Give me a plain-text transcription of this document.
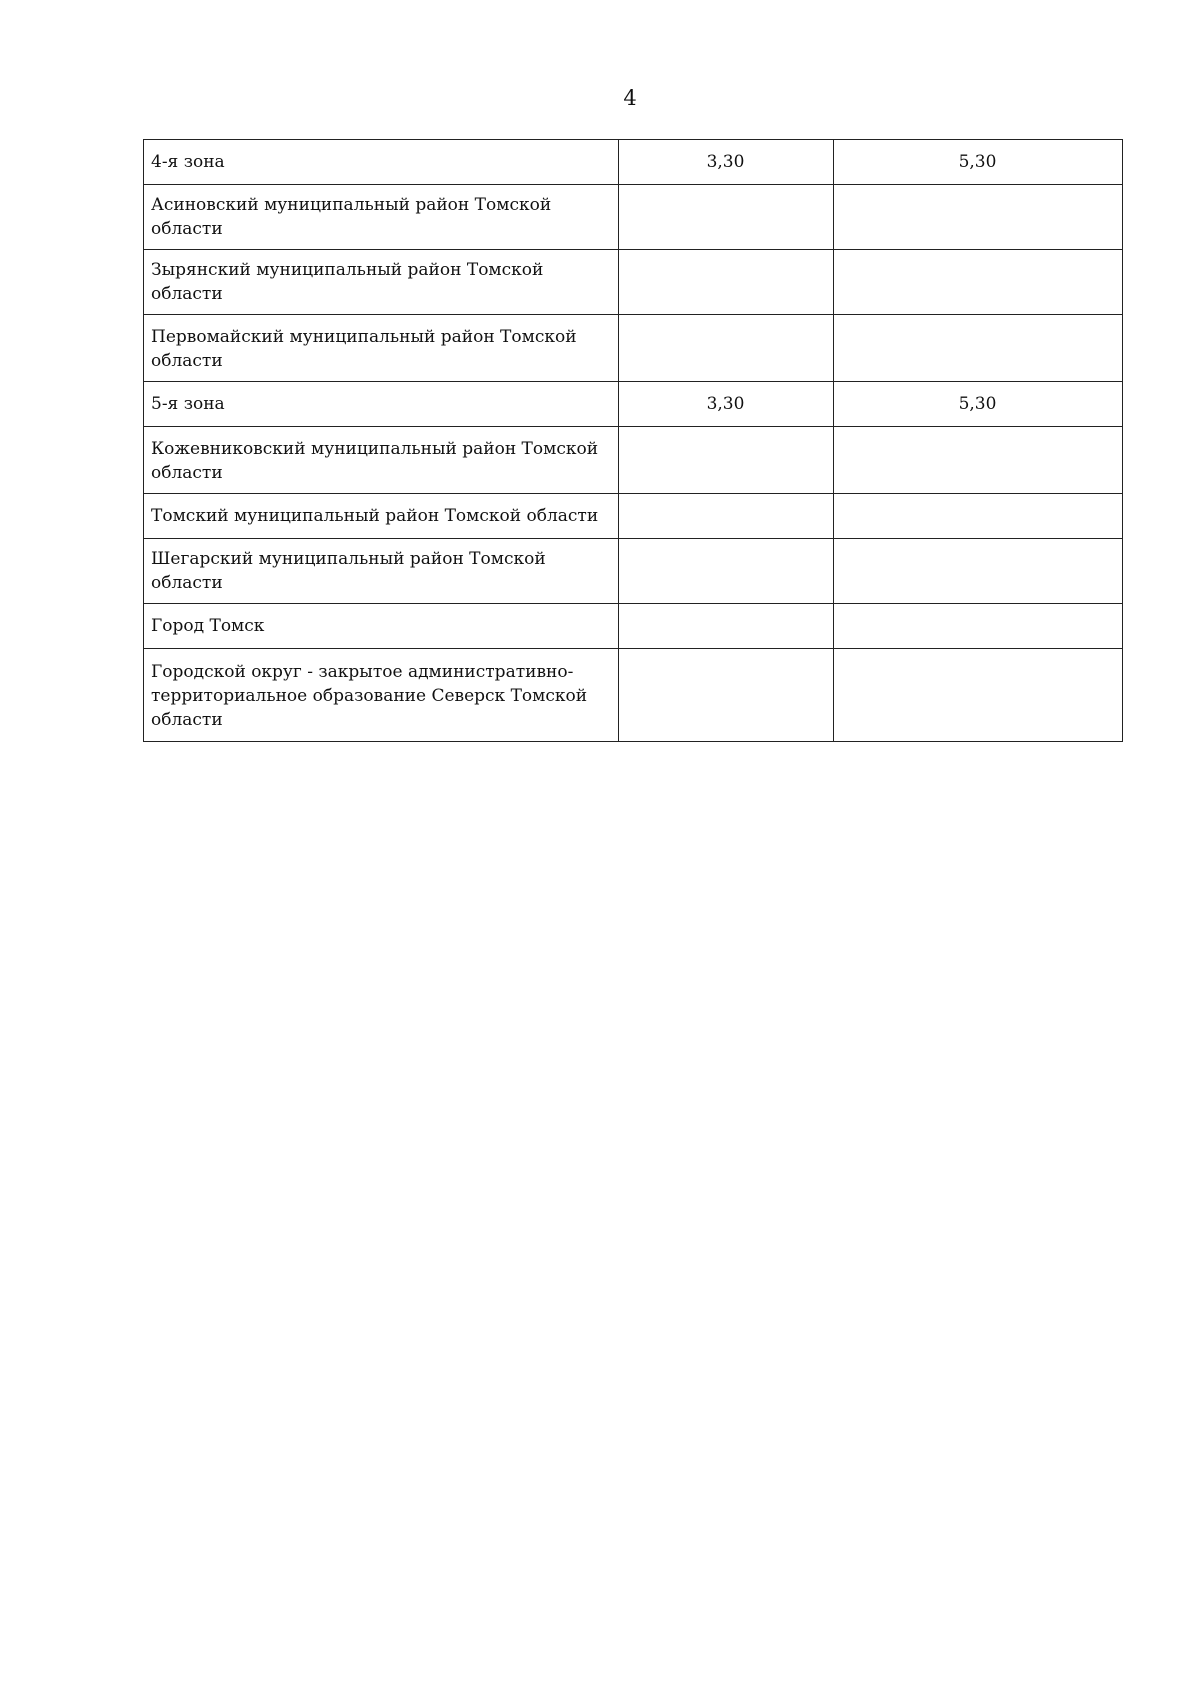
4
4-я зона	3,30	5,30
Асиновский муниципальный район Томской области		
Зырянский муниципальный район Томской области		
Первомайский муниципальный район Томской области		
5-я зона	3,30	5,30
Кожевниковский муниципальный район Томской области		
Томский муниципальный район Томской области		
Шегарский муниципальный район Томской области		
Город Томск		
Городской округ - закрытое административно-территориальное образование Северск Томской области		
